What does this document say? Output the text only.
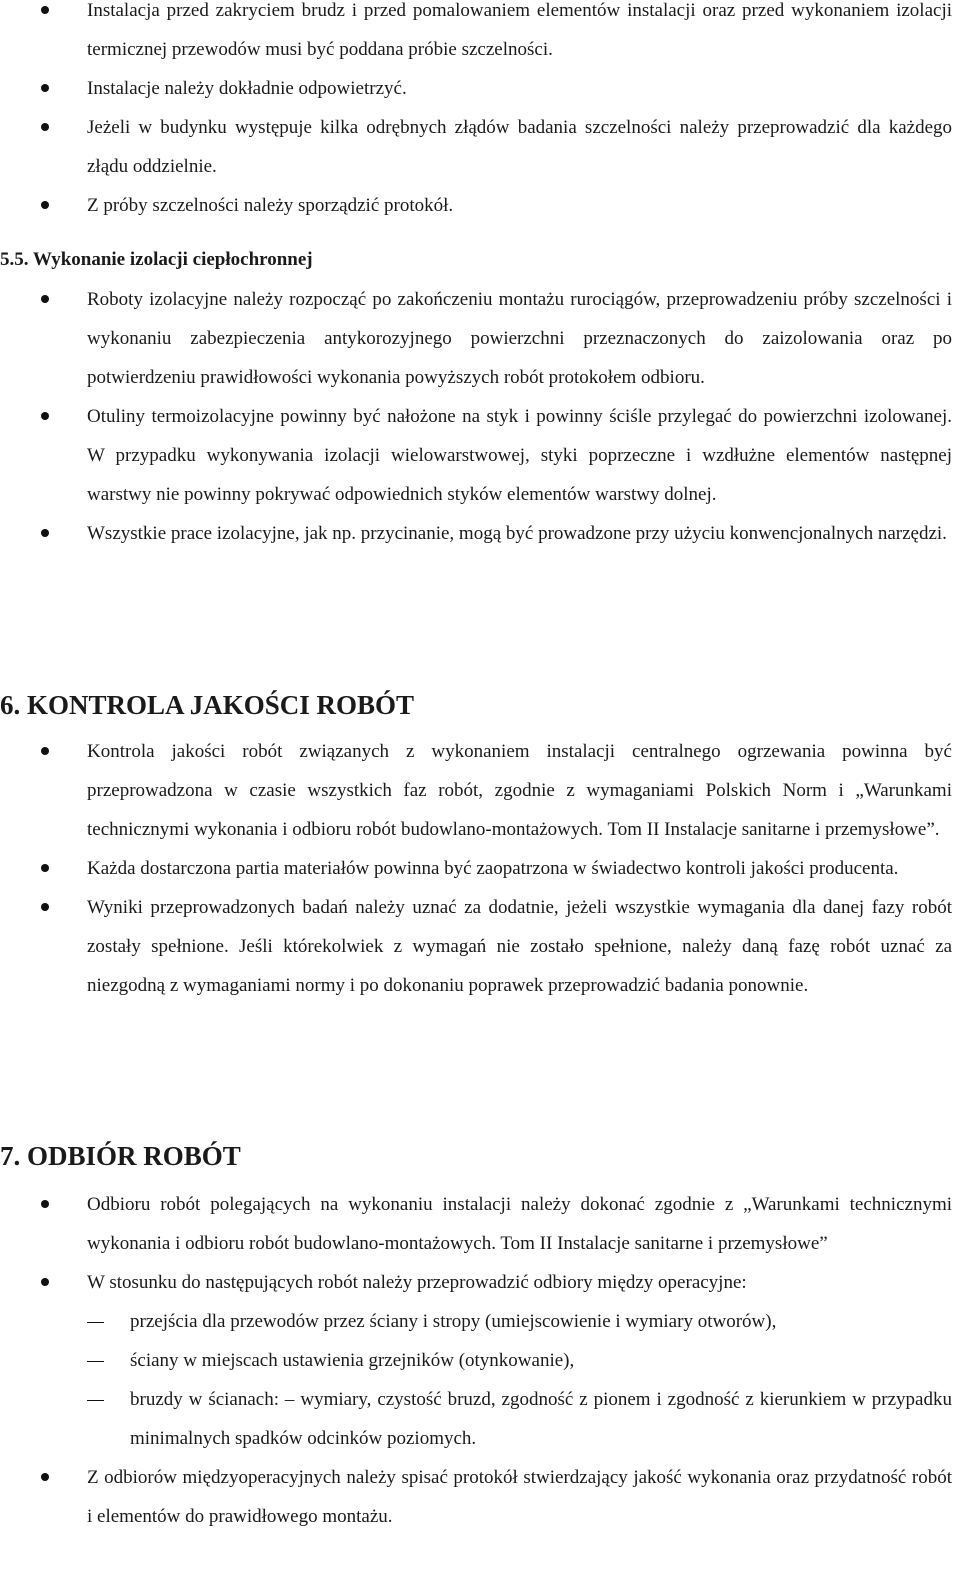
Instalacja przed zakryciem brudz i przed pomalowaniem elementów instalacji oraz przed wykonaniem izolacji termicznej przewodów musi być poddana próbie szczelności.
Instalacje należy dokładnie odpowietrzyć.
Jeżeli w budynku występuje kilka odrębnych złądów badania szczelności należy przeprowadzić dla każdego złądu oddzielnie.
Z próby szczelności należy sporządzić protokół.
5.5. Wykonanie izolacji ciepłochronnej
Roboty izolacyjne należy rozpocząć po zakończeniu montażu rurociągów, przeprowadzeniu próby szczelności i wykonaniu zabezpieczenia antykorozyjnego powierzchni przeznaczonych do zaizolowania oraz po potwierdzeniu prawidłowości wykonania powyższych robót protokołem odbioru.
Otuliny termoizolacyjne powinny być nałożone na styk i powinny ściśle przylegać do powierzchni izolowanej. W przypadku wykonywania izolacji wielowarstwowej, styki poprzeczne i wzdłużne elementów następnej warstwy nie powinny pokrywać odpowiednich styków elementów warstwy dolnej.
Wszystkie prace izolacyjne, jak np. przycinanie, mogą być prowadzone przy użyciu konwencjonalnych narzędzi.
6. KONTROLA JAKOŚCI ROBÓT
Kontrola jakości robót związanych z wykonaniem instalacji centralnego ogrzewania powinna być przeprowadzona w czasie wszystkich faz robót, zgodnie z wymaganiami Polskich Norm i „Warunkami technicznymi wykonania i odbioru robót budowlano-montażowych. Tom II Instalacje sanitarne i przemysłowe”.
Każda dostarczona partia materiałów powinna być zaopatrzona w świadectwo kontroli jakości producenta.
Wyniki przeprowadzonych badań należy uznać za dodatnie, jeżeli wszystkie wymagania dla danej fazy robót zostały spełnione. Jeśli którekolwiek z wymagań nie zostało spełnione, należy daną fazę robót uznać za niezgodną z wymaganiami normy i po dokonaniu poprawek przeprowadzić badania ponownie.
7. ODBIÓR ROBÓT
Odbioru robót polegających na wykonaniu instalacji należy dokonać zgodnie z „Warunkami technicznymi wykonania i odbioru robót budowlano-montażowych. Tom II Instalacje sanitarne i przemysłowe”
W stosunku do następujących robót należy przeprowadzić odbiory między operacyjne:
przejścia dla przewodów przez ściany i stropy (umiejscowienie i wymiary otworów),
ściany w miejscach ustawienia grzejników (otynkowanie),
bruzdy w ścianach: – wymiary, czystość bruzd, zgodność z pionem i zgodność z kierunkiem w przypadku minimalnych spadków odcinków poziomych.
Z odbiorów międzyoperacyjnych należy spisać protokół stwierdzający jakość wykonania oraz przydatność robót i elementów do prawidłowego montażu.
